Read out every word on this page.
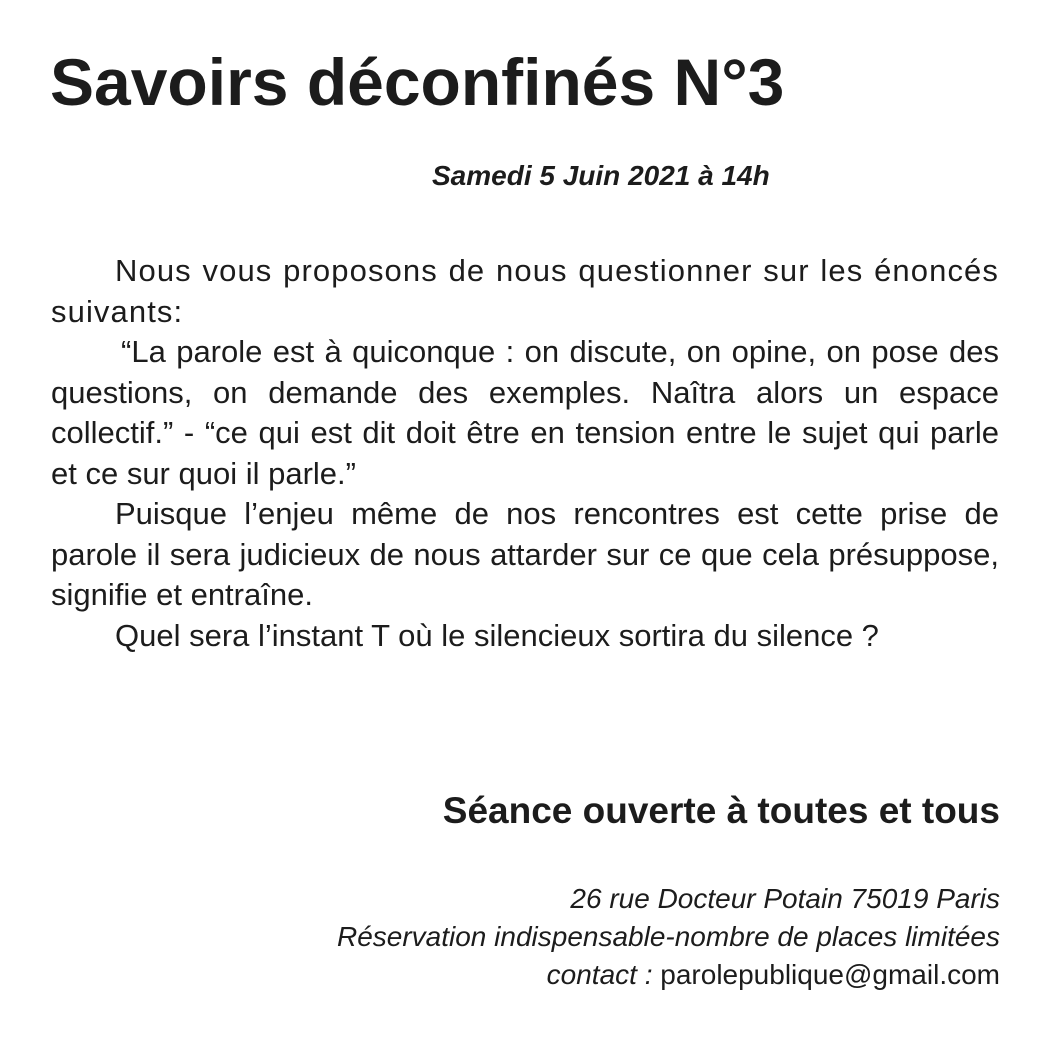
Savoirs déconfinés N°3
Samedi 5 Juin 2021 à 14h

Nous vous proposons de nous questionner sur les énoncés suivants:

“La parole est à quiconque : on discute, on opine, on pose des questions, on demande des exemples. Naîtra alors un espace collectif.” - “ce qui est dit doit être en tension entre le sujet qui parle et ce sur quoi il parle.”

Puisque l’enjeu même de nos rencontres est cette prise de parole il sera judicieux de nous attarder sur ce que cela présuppose, signifie et entraîne.

Quel sera l’instant T où le silencieux sortira du silence ?

Séance ouverte à toutes et tous
26 rue Docteur Potain 75019 Paris
Réservation indispensable-nombre de places limitées
contact : parolepublique@gmail.com
